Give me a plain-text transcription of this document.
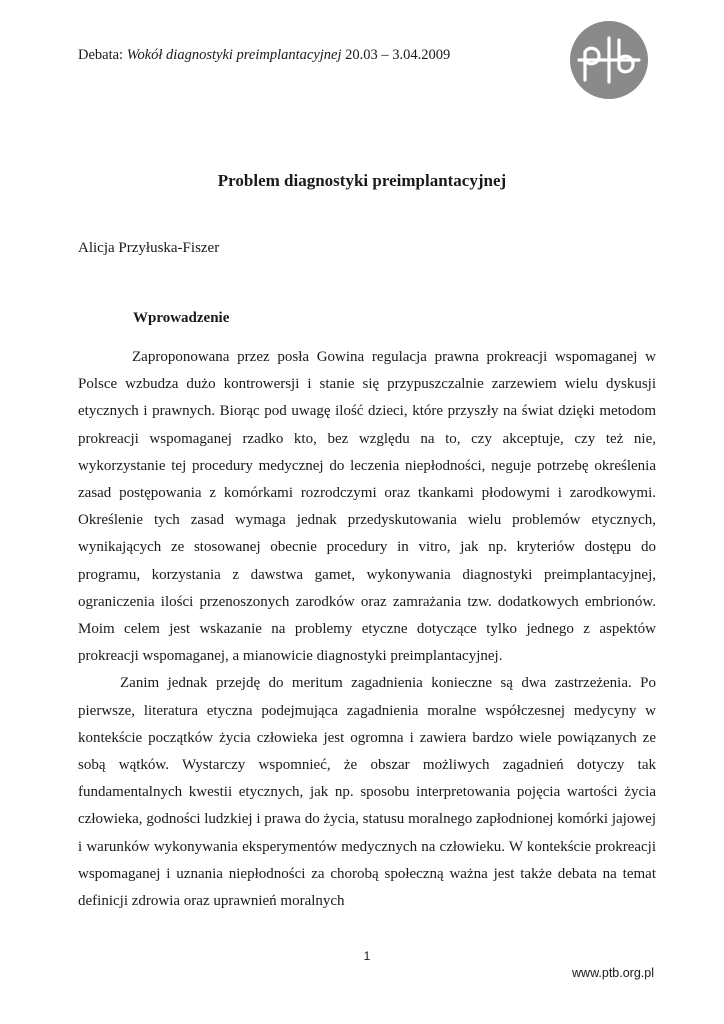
Debata: Wokół diagnostyki preimplantacyjnej 20.03 – 3.04.2009
Problem diagnostyki preimplantacyjnej
Alicja Przyłuska-Fiszer
Wprowadzenie

Zaproponowana przez posła Gowina regulacja prawna prokreacji wspomaganej w Polsce wzbudza dużo kontrowersji i stanie się przypuszczalnie zarzewiem wielu dyskusji etycznych i prawnych. Biorąc pod uwagę ilość dzieci, które przyszły na świat dzięki metodom prokreacji wspomaganej rzadko kto, bez względu na to, czy akceptuje, czy też nie, wykorzystanie tej procedury medycznej do leczenia niepłodności, neguje potrzebę określenia zasad postępowania z komórkami rozrodczymi oraz tkankami płodowymi i zarodkowymi. Określenie tych zasad wymaga jednak przedyskutowania wielu problemów etycznych, wynikających ze stosowanej obecnie procedury in vitro, jak np. kryteriów dostępu do programu, korzystania z dawstwa gamet, wykonywania diagnostyki preimplantacyjnej, ograniczenia ilości przenoszonych zarodków oraz zamrażania tzw. dodatkowych embrionów. Moim celem jest wskazanie na problemy etyczne dotyczące tylko jednego z aspektów prokreacji wspomaganej, a mianowicie diagnostyki preimplantacyjnej.

Zanim jednak przejdę do meritum zagadnienia konieczne są dwa zastrzeżenia. Po pierwsze, literatura etyczna podejmująca zagadnienia moralne współczesnej medycyny w kontekście początków życia człowieka jest ogromna i zawiera bardzo wiele powiązanych ze sobą wątków. Wystarczy wspomnieć, że obszar możliwych zagadnień dotyczy tak fundamentalnych kwestii etycznych, jak np. sposobu interpretowania pojęcia wartości życia człowieka, godności ludzkiej i prawa do życia, statusu moralnego zapłodnionej komórki jajowej i warunków wykonywania eksperymentów medycznych na człowieku. W kontekście prokreacji wspomaganej i uznania niepłodności za chorobą społeczną ważna jest także debata na temat definicji zdrowia oraz uprawnień moralnych

1
www.ptb.org.pl
